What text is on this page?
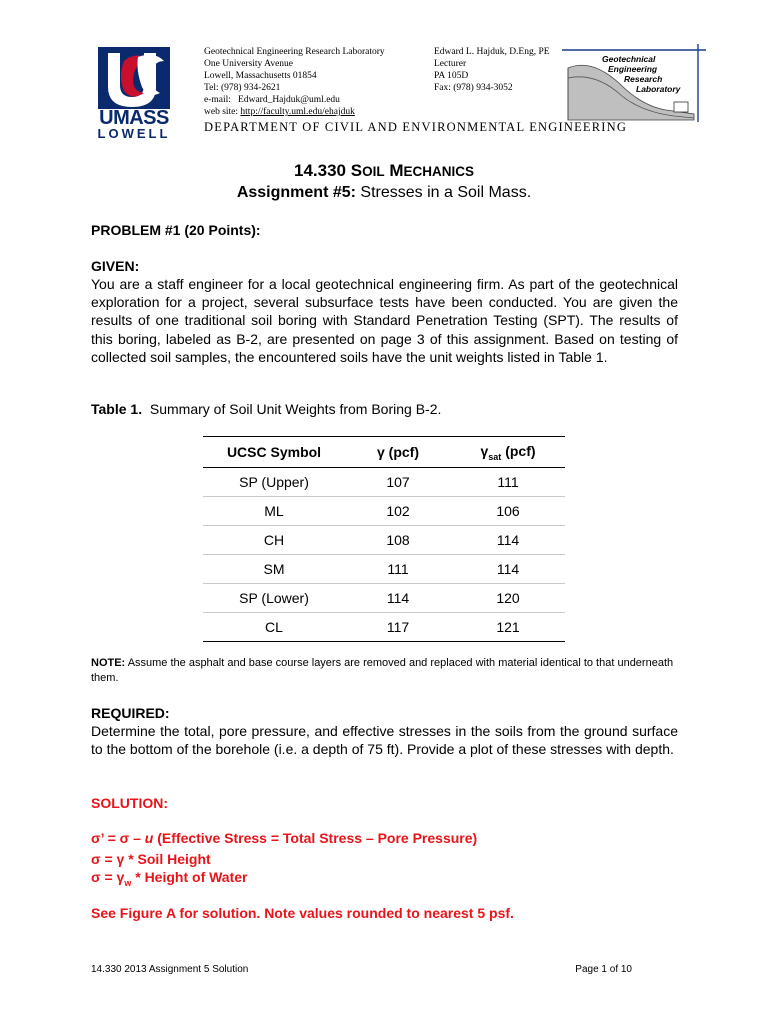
UMASS
LOWELL
Geotechnical Engineering Research Laboratory
One University Avenue
Lowell, Massachusetts 01854
Tel: (978) 934-2621
e-mail: Edward_Hajduk@uml.edu
web site: http://faculty.uml.edu/ehajduk
Edward L. Hajduk, D.Eng, PE
Lecturer
PA 105D
Fax: (978) 934-3052
Geotechnical
Engineering
Research
Laboratory
DEPARTMENT OF CIVIL AND ENVIRONMENTAL ENGINEERING
14.330 SOIL MECHANICS
Assignment #5: Stresses in a Soil Mass.
PROBLEM #1 (20 Points):
GIVEN:
You are a staff engineer for a local geotechnical engineering firm. As part of the geotechnical exploration for a project, several subsurface tests have been conducted. You are given the results of one traditional soil boring with Standard Penetration Testing (SPT). The results of this boring, labeled as B-2, are presented on page 3 of this assignment. Based on testing of collected soil samples, the encountered soils have the unit weights listed in Table 1.
Table 1. Summary of Soil Unit Weights from Boring B-2.
UCSC Symbol	γ (pcf)	$\gamma_{sat}$ (pcf)
SP (Upper)	107	111
ML	102	106
CH	108	114
SM	111	114
SP (Lower)	114	120
CL	117	121
NOTE: Assume the asphalt and base course layers are removed and replaced with material identical to that underneath them.
REQUIRED:
Determine the total, pore pressure, and effective stresses in the soils from the ground surface to the bottom of the borehole (i.e. a depth of 75 ft). Provide a plot of these stresses with depth.
SOLUTION:
σ’ = σ – u (Effective Stress = Total Stress – Pore Pressure)
σ = γ * Soil Height
$\sigma = \gamma_w$ * Height of Water
See Figure A for solution. Note values rounded to nearest 5 psf.
14.330 2013 Assignment 5 Solution	Page 1 of 10
